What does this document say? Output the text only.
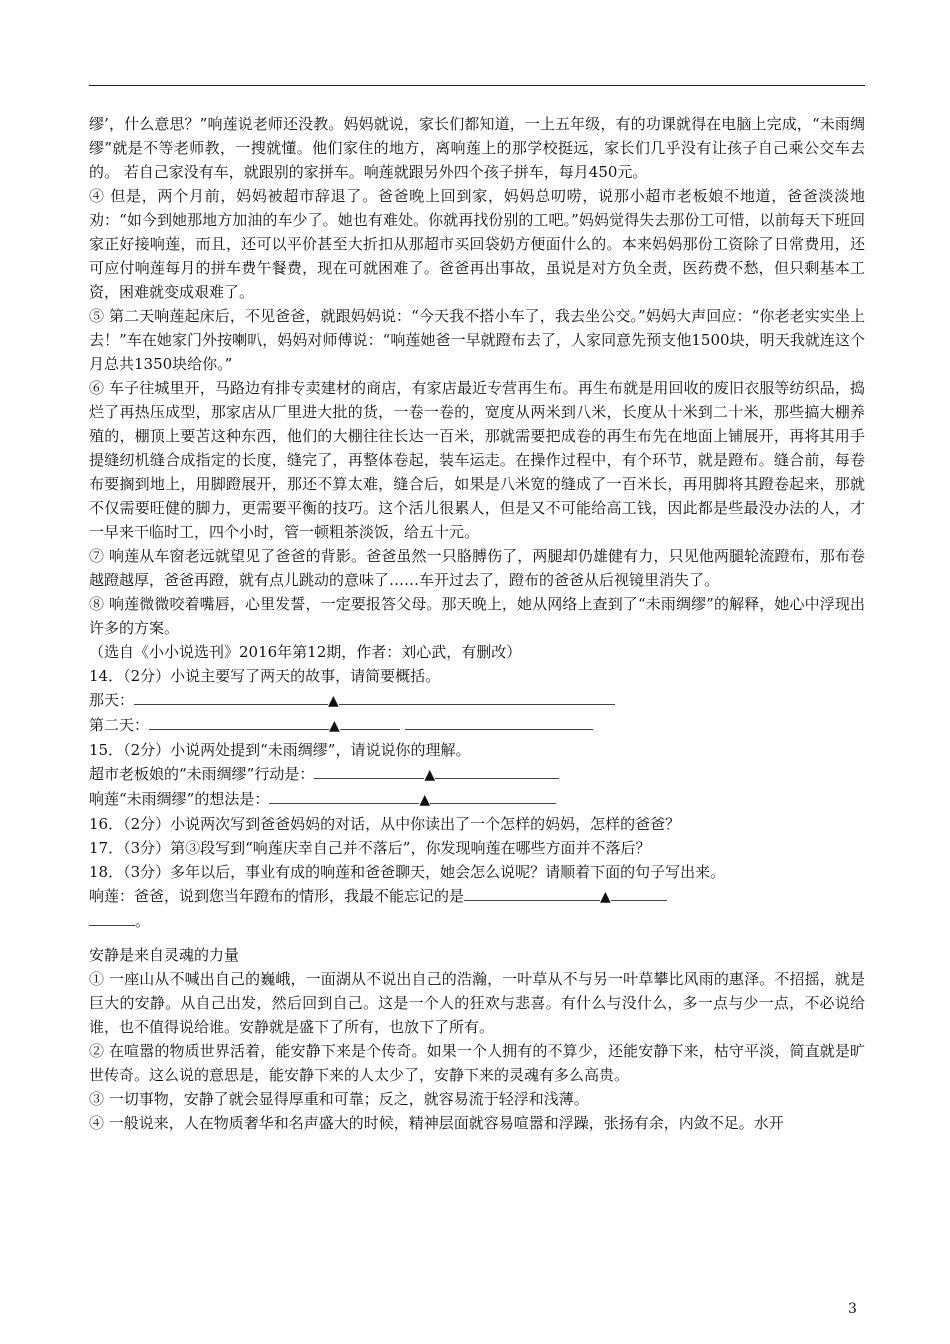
缪’，什么意思？”响莲说老师还没教。妈妈就说，家长们都知道，一上五年级，有的功课就得在电脑上完成，“未雨绸缪”就是不等老师教，一搜就懂。他们家住的地方，离响莲上的那学校挺远，家长们几乎没有让孩子自己乘公交车去的。 若自己家没有车，就跟别的家拼车。响莲就跟另外四个孩子拼车，每月450元。

④ 但是，两个月前，妈妈被超市辞退了。爸爸晚上回到家，妈妈总叨唠，说那小超市老板娘不地道，爸爸淡淡地劝：“如今到她那地方加油的车少了。她也有难处。你就再找份别的工吧。”妈妈觉得失去那份工可惜，以前每天下班回家正好接响莲，而且，还可以平价甚至大折扣从那超市买回袋奶方便面什么的。本来妈妈那份工资除了日常费用，还可应付响莲每月的拼车费午餐费，现在可就困难了。爸爸再出事故，虽说是对方负全责，医药费不愁，但只剩基本工资，困难就变成艰难了。

⑤ 第二天响莲起床后，不见爸爸，就跟妈妈说：“今天我不搭小车了，我去坐公交。”妈妈大声回应：“你老老实实坐上去！”车在她家门外按喇叭，妈妈对师傅说：“响莲她爸一早就蹬布去了，人家同意先预支他1500块，明天我就连这个月总共1350块给你。”

⑥ 车子往城里开，马路边有排专卖建材的商店，有家店最近专营再生布。再生布就是用回收的废旧衣服等纺织品，捣烂了再热压成型，那家店从厂里进大批的货，一卷一卷的，宽度从两米到八米，长度从十米到二十米，那些搞大棚养殖的，棚顶上要苫这种东西，他们的大棚往往长达一百米，那就需要把成卷的再生布先在地面上铺展开，再将其用手提缝纫机缝合成指定的长度，缝完了，再整体卷起，装车运走。在操作过程中，有个环节，就是蹬布。缝合前，每卷布要搁到地上，用脚蹬展开，那还不算太难，缝合后，如果是八米宽的缝成了一百米长，再用脚将其蹬卷起来，那就不仅需要旺健的脚力，更需要平衡的技巧。这个活儿很累人，但是又不可能给高工钱，因此都是些最没办法的人，才一早来干临时工，四个小时，管一顿粗茶淡饭，给五十元。

⑦ 响莲从车窗老远就望见了爸爸的背影。爸爸虽然一只胳膊伤了，两腿却仍雄健有力，只见他两腿轮流蹬布，那布卷越蹬越厚，爸爸再蹬，就有点儿跳动的意味了……车开过去了，蹬布的爸爸从后视镜里消失了。

⑧ 响莲微微咬着嘴唇，心里发誓，一定要报答父母。那天晚上，她从网络上查到了“未雨绸缪”的解释，她心中浮现出许多的方案。

（选自《小小说选刊》2016年第12期，作者：刘心武，有删改）

14．（2分）小说主要写了两天的故事，请简要概括。

那天：	▲

第二天：	▲

15．（2分）小说两处提到“未雨绸缪”，请说说你的理解。

超市老板娘的“未雨绸缪”行动是：	▲

响莲“未雨绸缪”的想法是：	▲

16．（2分）小说两次写到爸爸妈妈的对话，从中你读出了一个怎样的妈妈，怎样的爸爸？

17．（3分）第③段写到“响莲庆幸自己并不落后”，你发现响莲在哪些方面并不落后？

18．（3分）多年以后，事业有成的响莲和爸爸聊天，她会怎么说呢？请顺着下面的句子写出来。

响莲：爸爸，说到您当年蹬布的情形，我最不能忘记的是	▲

。

安静是来自灵魂的力量

① 一座山从不喊出自己的巍峨，一面湖从不说出自己的浩瀚，一叶草从不与另一叶草攀比风雨的惠泽。不招摇，就是巨大的安静。从自己出发，然后回到自己。这是一个人的狂欢与悲喜。有什么与没什么，多一点与少一点，不必说给谁，也不值得说给谁。安静就是盛下了所有，也放下了所有。

② 在喧嚣的物质世界活着，能安静下来是个传奇。如果一个人拥有的不算少，还能安静下来，枯守平淡，简直就是旷世传奇。这么说的意思是，能安静下来的人太少了，安静下来的灵魂有多么高贵。

③ 一切事物，安静了就会显得厚重和可靠；反之，就容易流于轻浮和浅薄。

④ 一般说来，人在物质奢华和名声盛大的时候，精神层面就容易喧嚣和浮躁，张扬有余，内敛不足。水开

3
